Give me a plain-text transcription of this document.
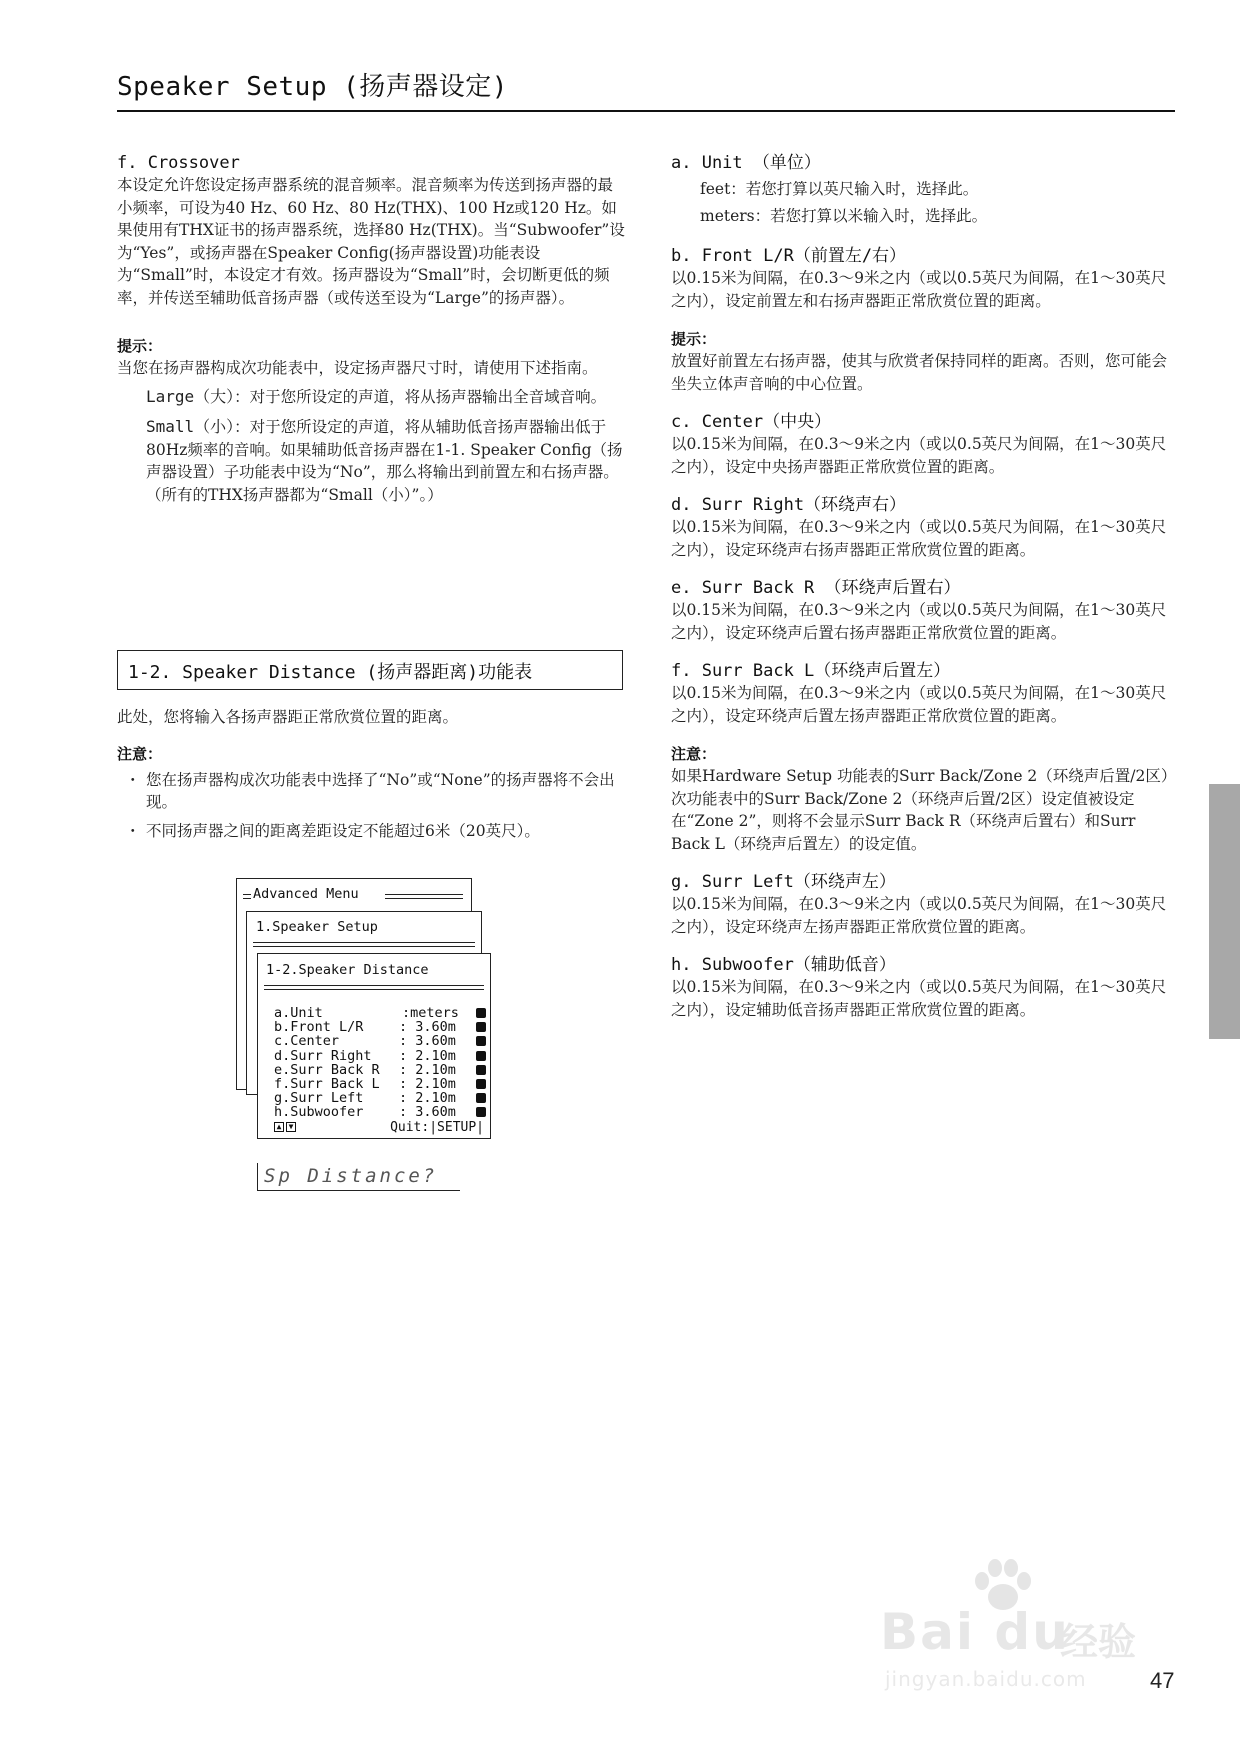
Speaker Setup (扬声器设定)

f. Crossover

本设定允许您设定扬声器系统的混音频率。混音频率为传送到扬声器的最小频率，可设为40 Hz、60 Hz、80 Hz(THX)、100 Hz或120 Hz。如果使用有THX证书的扬声器系统，选择80 Hz(THX)。当“Subwoofer”设为“Yes”，或扬声器在Speaker Config(扬声器设置)功能表设为“Small”时，本设定才有效。扬声器设为“Small”时，会切断更低的频率，并传送至辅助低音扬声器（或传送至设为“Large”的扬声器）。

提示：

当您在扬声器构成次功能表中，设定扬声器尺寸时，请使用下述指南。

Large（大）：对于您所设定的声道，将从扬声器输出全音域音响。

Small（小）：对于您所设定的声道，将从辅助低音扬声器输出低于80Hz频率的音响。如果辅助低音扬声器在1-1. Speaker Config（扬声器设置）子功能表中设为“No”，那么将输出到前置左和右扬声器。（所有的THX扬声器都为“Small（小）”。）

1-2. Speaker Distance (扬声器距离)功能表

此处，您将输入各扬声器距正常欣赏位置的距离。

注意：

・ 您在扬声器构成次功能表中选择了“No”或“None”的扬声器将不会出现。

・ 不同扬声器之间的距离差距设定不能超过6米（20英尺）。

Advanced Menu
1.Speaker Setup
1-2.Speaker Distance
a.Unit	:meters
b.Front L/R	: 3.60m
c.Center	: 3.60m
d.Surr Right : 2.10m
e.Surr Back R : 2.10m
f.Surr Back L : 2.10m
g.Surr Left	: 2.10m
h.Subwoofer	: 3.60m
▲ ▼	Quit:|SETUP|
Sp Distance?

a. Unit （单位）

feet：若您打算以英尺输入时，选择此。

meters：若您打算以米输入时，选择此。

b. Front L/R（前置左/右）

以0.15米为间隔，在0.3～9米之内（或以0.5英尺为间隔，在1～30英尺之内），设定前置左和右扬声器距正常欣赏位置的距离。

提示：

放置好前置左右扬声器，使其与欣赏者保持同样的距离。否则，您可能会坐失立体声音响的中心位置。

c. Center（中央）

以0.15米为间隔，在0.3～9米之内（或以0.5英尺为间隔，在1～30英尺之内），设定中央扬声器距正常欣赏位置的距离。

d. Surr Right（环绕声右）

以0.15米为间隔，在0.3～9米之内（或以0.5英尺为间隔，在1～30英尺之内），设定环绕声右扬声器距正常欣赏位置的距离。

e. Surr Back R （环绕声后置右）

以0.15米为间隔，在0.3～9米之内（或以0.5英尺为间隔，在1～30英尺之内），设定环绕声后置右扬声器距正常欣赏位置的距离。

f. Surr Back L（环绕声后置左）

以0.15米为间隔，在0.3～9米之内（或以0.5英尺为间隔，在1～30英尺之内），设定环绕声后置左扬声器距正常欣赏位置的距离。

注意：

如果Hardware Setup 功能表的Surr Back/Zone 2（环绕声后置/2区）次功能表中的Surr Back/Zone 2（环绕声后置/2区）设定值被设定在“Zone 2”，则将不会显示Surr Back R（环绕声后置右）和Surr Back L（环绕声后置左）的设定值。

g. Surr Left（环绕声左）

以0.15米为间隔，在0.3～9米之内（或以0.5英尺为间隔，在1～30英尺之内），设定环绕声左扬声器距正常欣赏位置的距离。

h. Subwoofer（辅助低音）

以0.15米为间隔，在0.3～9米之内（或以0.5英尺为间隔，在1～30英尺之内），设定辅助低音扬声器距正常欣赏位置的距离。

Bai du
经验
jingyan.baidu.com	47
